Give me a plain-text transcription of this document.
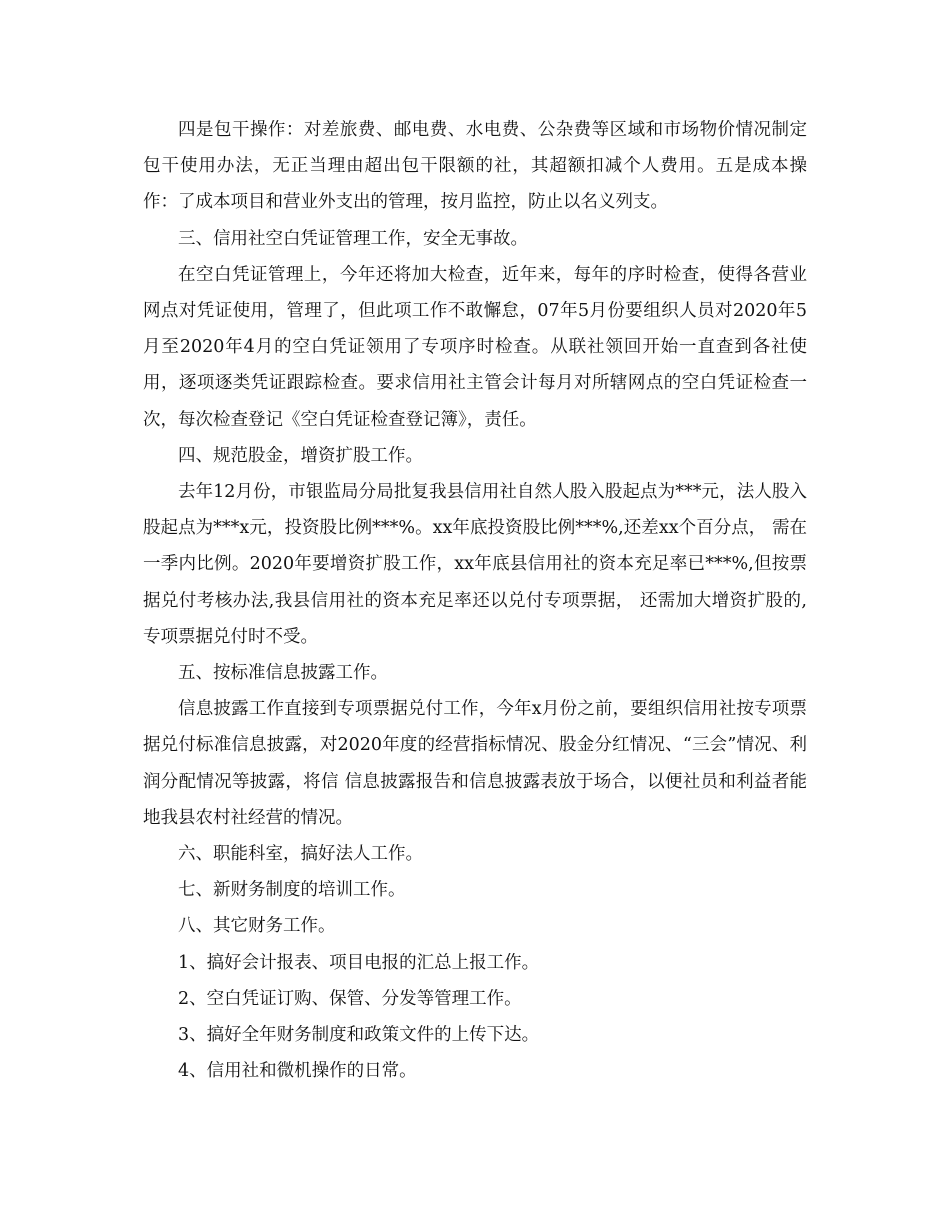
四是包干操作：对差旅费、邮电费、水电费、公杂费等区域和市场物价情况制定包干使用办法，无正当理由超出包干限额的社，其超额扣减个人费用。五是成本操作：了成本项目和营业外支出的管理，按月监控，防止以名义列支。

三、信用社空白凭证管理工作，安全无事故。

在空白凭证管理上，今年还将加大检查，近年来，每年的序时检查，使得各营业网点对凭证使用，管理了，但此项工作不敢懈怠，07年5月份要组织人员对2020年5月至2020年4月的空白凭证领用了专项序时检查。从联社领回开始一直查到各社使用，逐项逐类凭证跟踪检查。要求信用社主管会计每月对所辖网点的空白凭证检查一次，每次检查登记《空白凭证检查登记簿》，责任。

四、规范股金，增资扩股工作。

去年12月份，市银监局分局批复我县信用社自然人股入股起点为***元，法人股入股起点为***x元，投资股比例***%。xx年底投资股比例***%,还差xx个百分点， 需在一季内比例。2020年要增资扩股工作，xx年底县信用社的资本充足率已***%,但按票据兑付考核办法,我县信用社的资本充足率还以兑付专项票据， 还需加大增资扩股的,专项票据兑付时不受。

五、按标准信息披露工作。

信息披露工作直接到专项票据兑付工作，今年x月份之前，要组织信用社按专项票据兑付标准信息披露，对2020年度的经营指标情况、股金分红情况、“三会”情况、利润分配情况等披露，将信 信息披露报告和信息披露表放于场合，以便社员和利益者能地我县农村社经营的情况。

六、职能科室，搞好法人工作。

七、新财务制度的培训工作。

八、其它财务工作。

1、搞好会计报表、项目电报的汇总上报工作。

2、空白凭证订购、保管、分发等管理工作。

3、搞好全年财务制度和政策文件的上传下达。

4、信用社和微机操作的日常。
